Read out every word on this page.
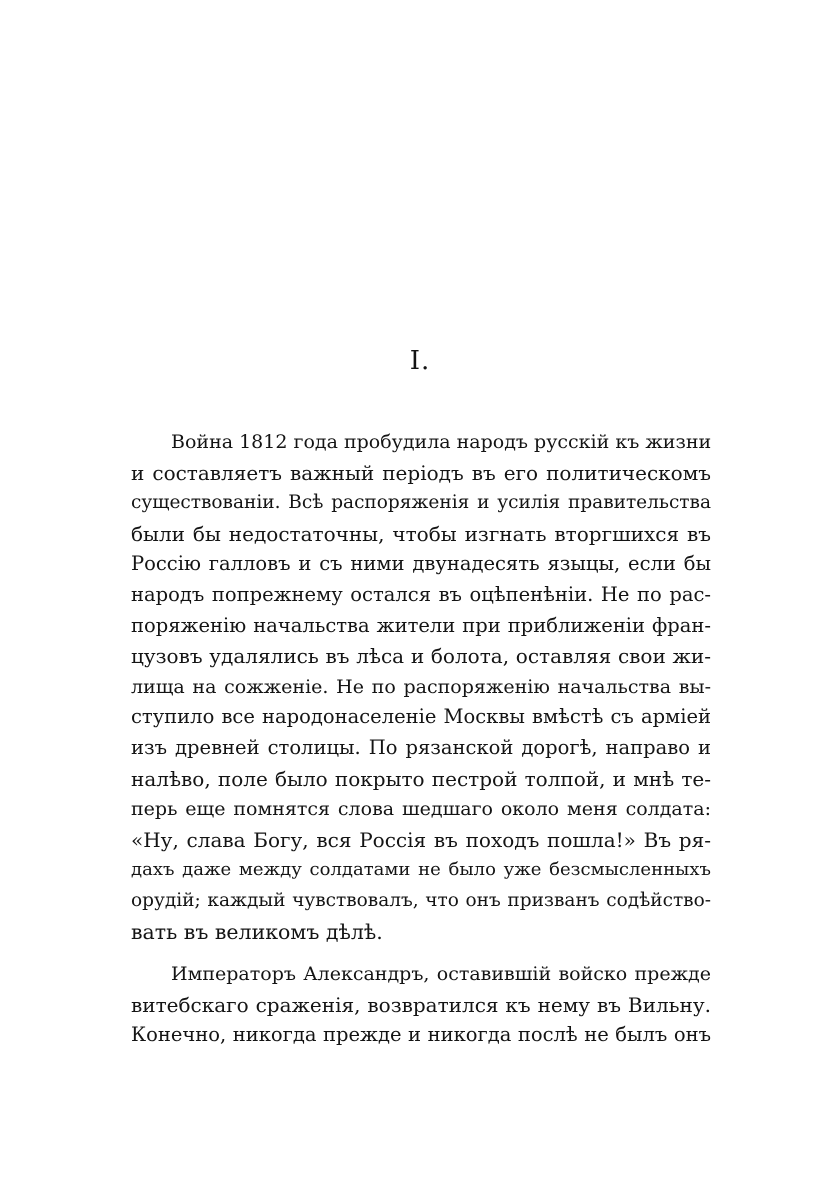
I.
Война 1812 года пробудила народъ русскій къ жизни
и составляетъ важный періодъ въ его политическомъ
существованіи. Всѣ распоряженія и усилія правительства
были бы недостаточны, чтобы изгнать вторгшихся въ
Россію галловъ и съ ними двунадесять языцы, если бы
народъ попрежнему остался въ оцѣпенѣніи. Не по рас-
поряженію начальства жители при приближеніи фран-
цузовъ удалялись въ лѣса и болота, оставляя свои жи-
лища на сожженіе. Не по распоряженію начальства вы-
ступило все народонаселеніе Москвы вмѣстѣ съ арміей
изъ древней столицы. По рязанской дорогѣ, направо и
налѣво, поле было покрыто пестрой толпой, и мнѣ те-
перь еще помнятся слова шедшаго около меня солдата:
«Ну, слава Богу, вся Россія въ походъ пошла!» Въ ря-
дахъ даже между солдатами не было уже безсмысленныхъ
орудій; каждый чувствовалъ, что онъ призванъ содѣйство-
вать въ великомъ дѣлѣ.
Императоръ Александръ, оставившій войско прежде
витебскаго сраженія, возвратился къ нему въ Вильну.
Конечно, никогда прежде и никогда послѣ не былъ онъ
